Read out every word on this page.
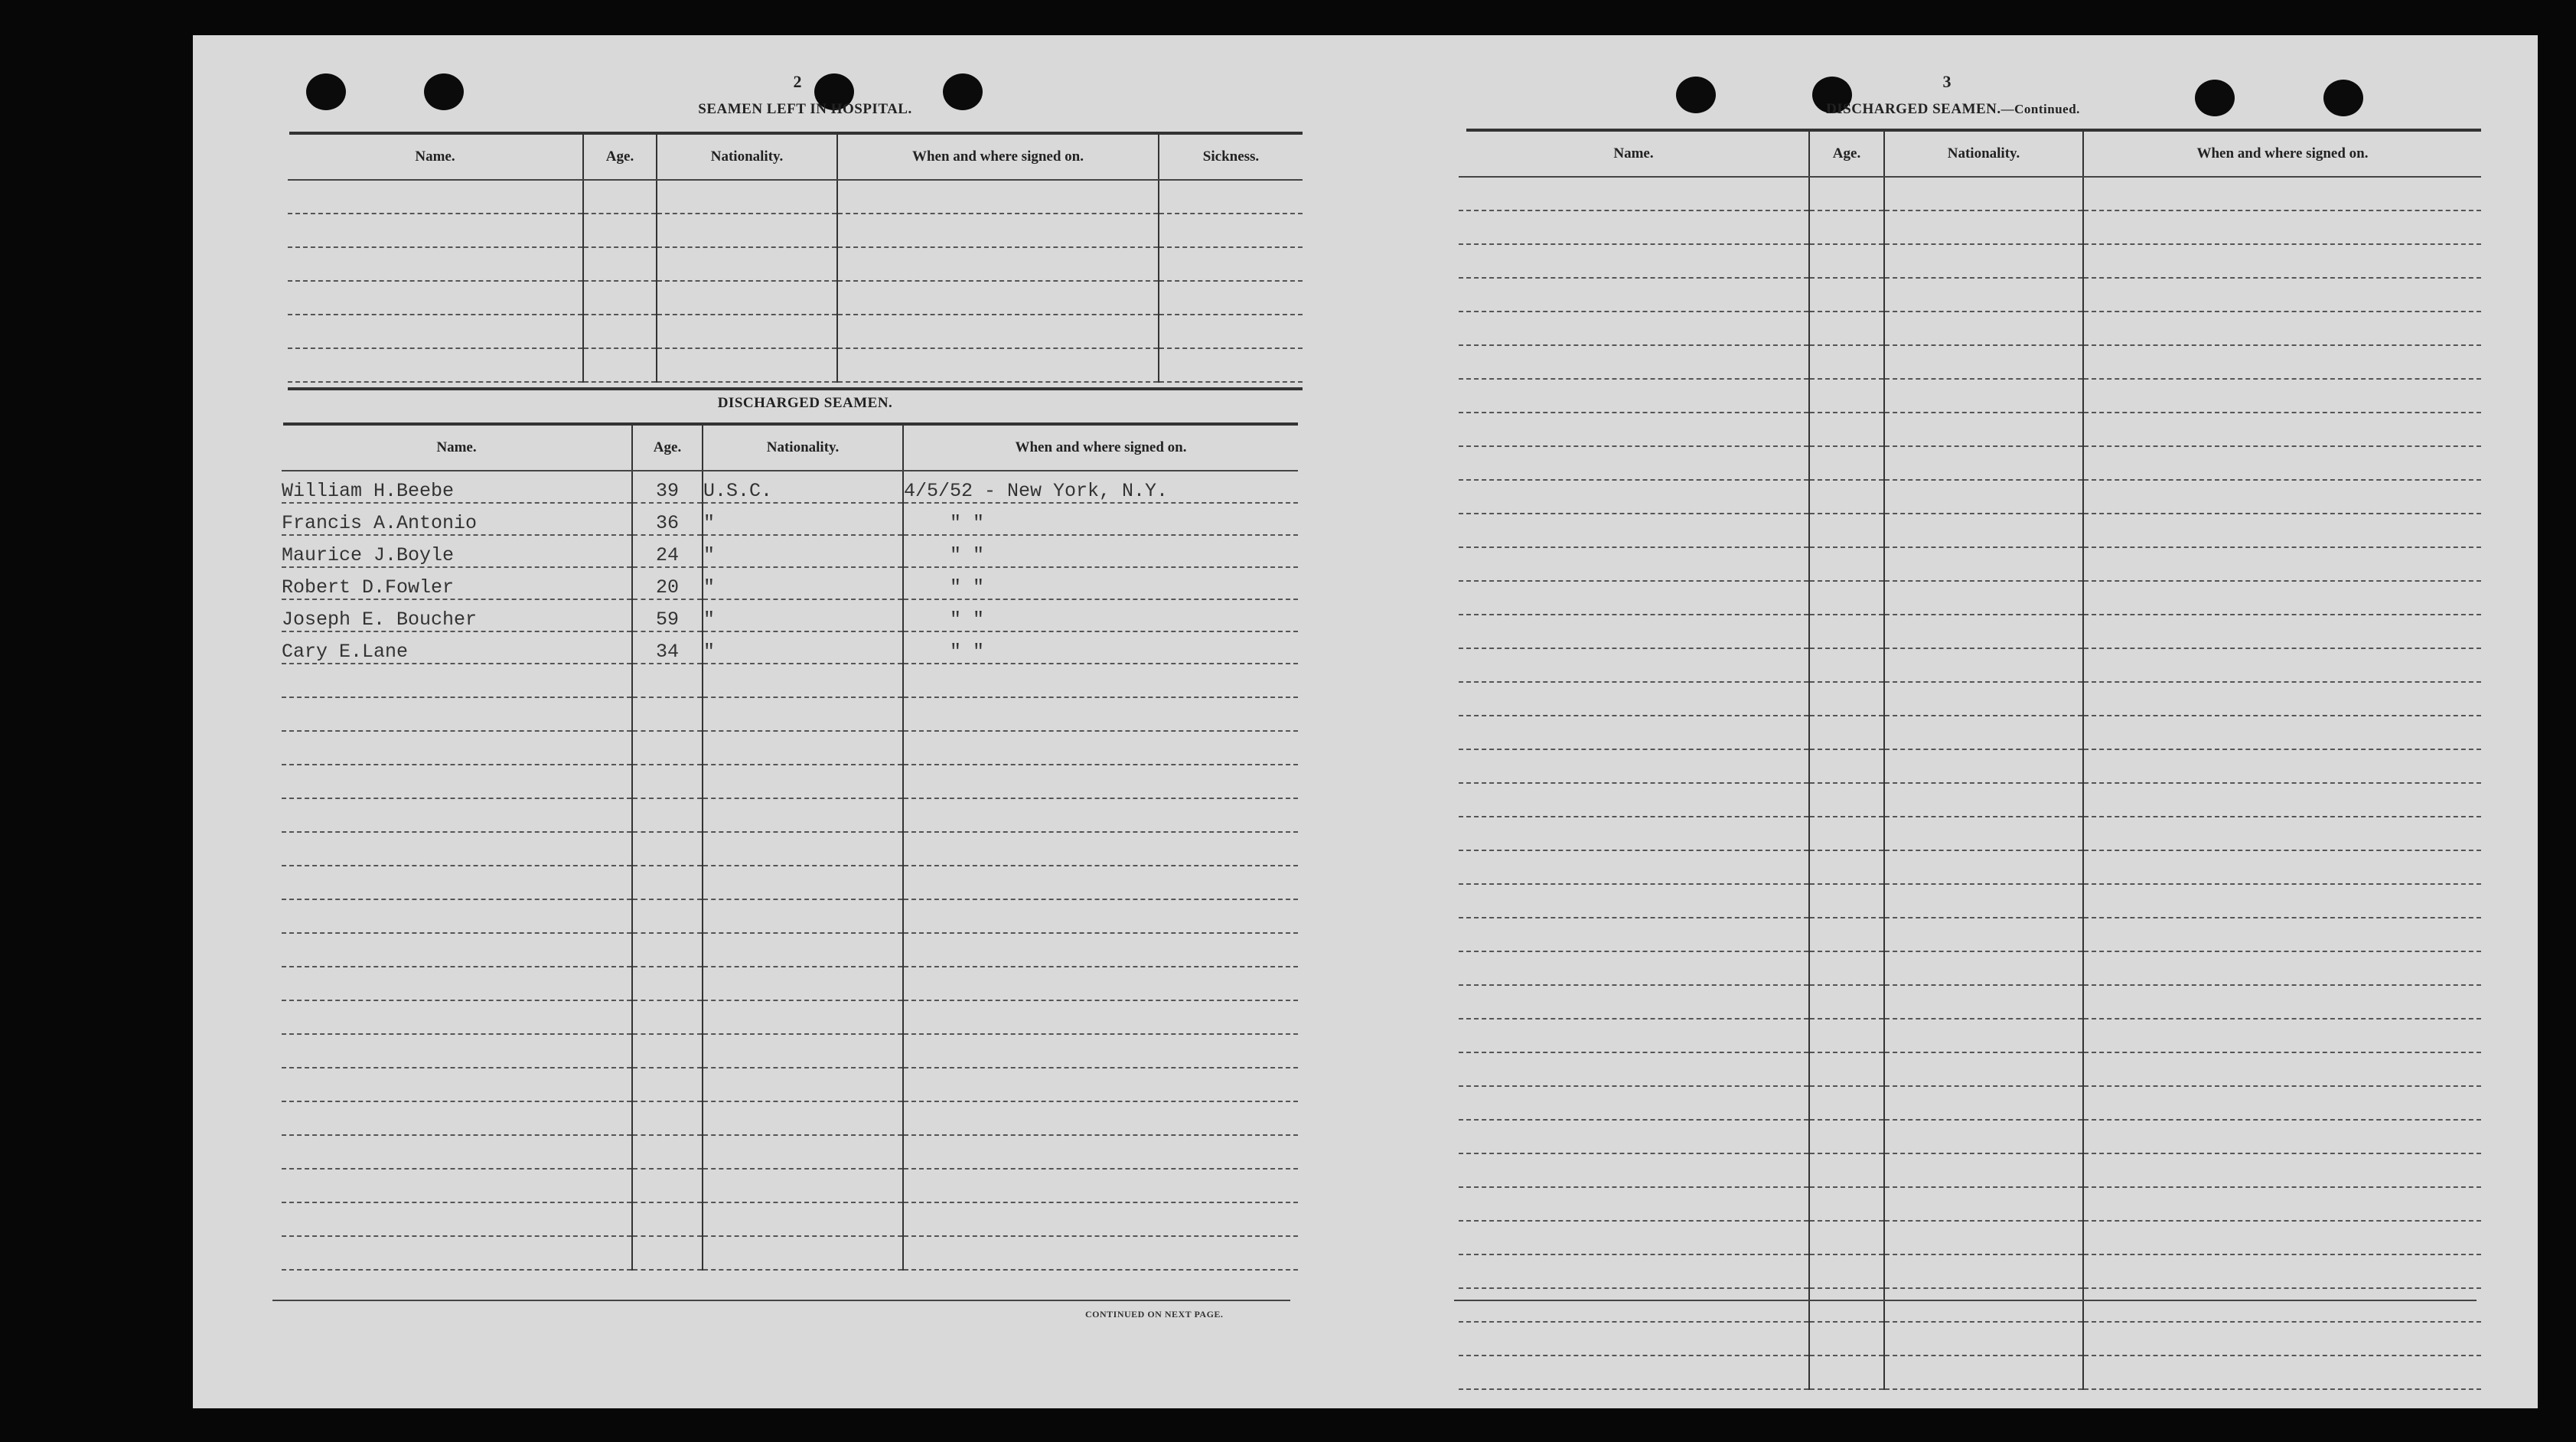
2
SEAMEN LEFT IN HOSPITAL.
Name.	Age.	Nationality.	When and where signed on.	Sickness.

DISCHARGED SEAMEN.
Name.	Age.	Nationality.	When and where signed on.
William H.Beebe	39	U.S.C.	4/5/52 - New York, N.Y.
Francis A.Antonio	36	"	" "
Maurice J.Boyle	24	"	" "
Robert D.Fowler	20	"	" "
Joseph E. Boucher	59	"	" "
Cary E.Lane	34	"	" "

CONTINUED ON NEXT PAGE.
3
DISCHARGED SEAMEN.—Continued.
Name.	Age.	Nationality.	When and where signed on.
